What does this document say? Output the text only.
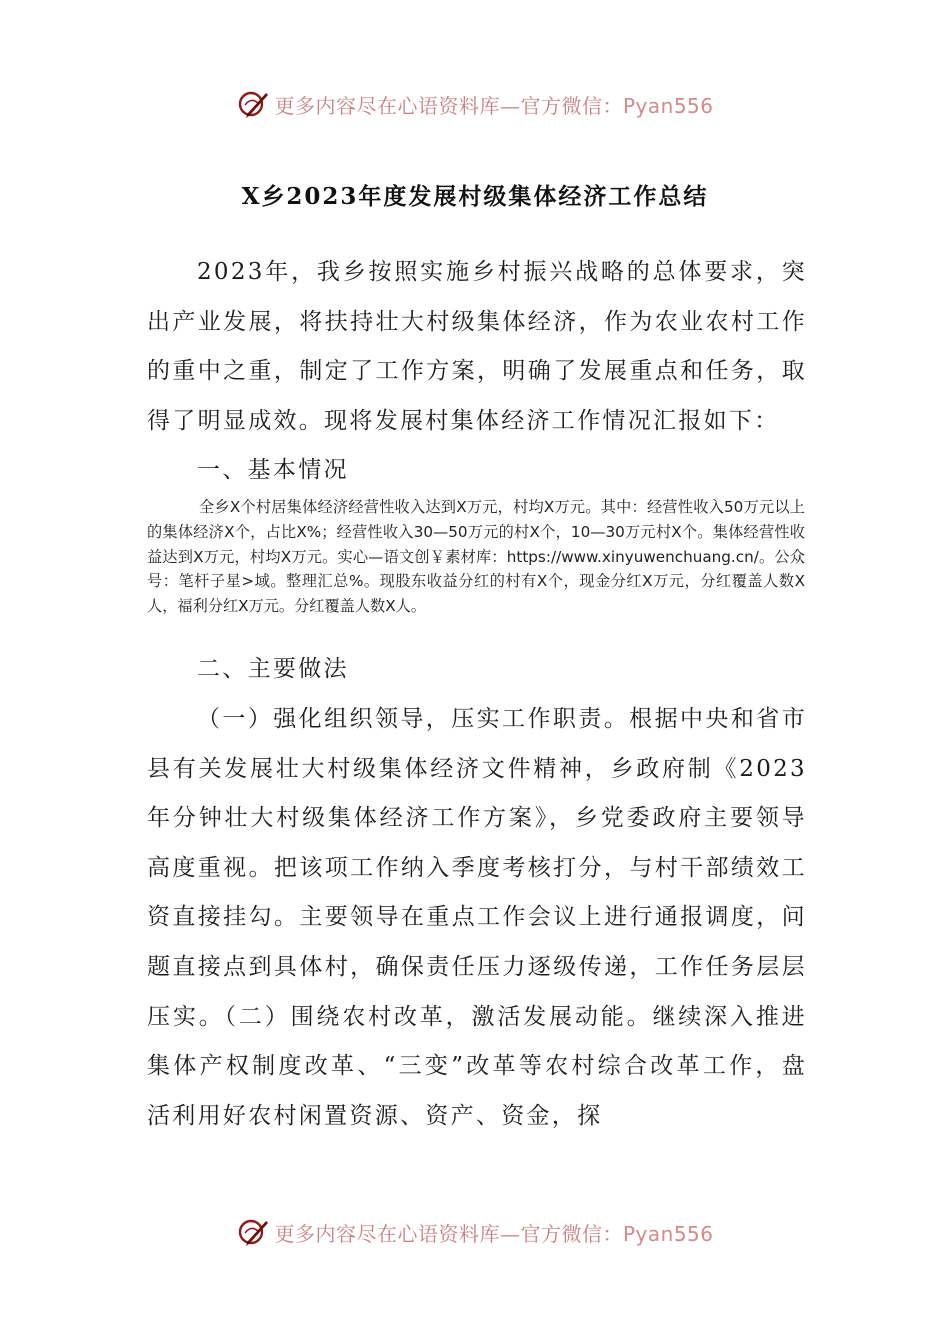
更多内容尽在心语资料库—官方微信：Pyan556
X乡2023年度发展村级集体经济工作总结
2023年，我乡按照实施乡村振兴战略的总体要求，突出产业发展，将扶持壮大村级集体经济，作为农业农村工作的重中之重，制定了工作方案，明确了发展重点和任务，取得了明显成效。现将发展村集体经济工作情况汇报如下：
一、基本情况
全乡X个村居集体经济经营性收入达到X万元，村均X万元。其中：经营性收入50万元以上的集体经济X个，占比X%；经营性收入30—50万元的村X个，10—30万元村X个。集体经营性收益达到X万元，村均X万元。实心—语文创￥素材库：https://www.xinyuwenchuang.cn/。公众号：笔杆子星>域。整理汇总%。现股东收益分红的村有X个，现金分红X万元，分红覆盖人数X人，福利分红X万元。分红覆盖人数X人。
二、主要做法
（一）强化组织领导，压实工作职责。根据中央和省市县有关发展壮大村级集体经济文件精神，乡政府制《2023年分钟壮大村级集体经济工作方案》，乡党委政府主要领导高度重视。把该项工作纳入季度考核打分，与村干部绩效工资直接挂勾。主要领导在重点工作会议上进行通报调度，问题直接点到具体村，确保责任压力逐级传递，工作任务层层压实。（二）围绕农村改革，激活发展动能。继续深入推进集体产权制度改革、“三变”改革等农村综合改革工作，盘活利用好农村闲置资源、资产、资金，探
更多内容尽在心语资料库—官方微信：Pyan556
